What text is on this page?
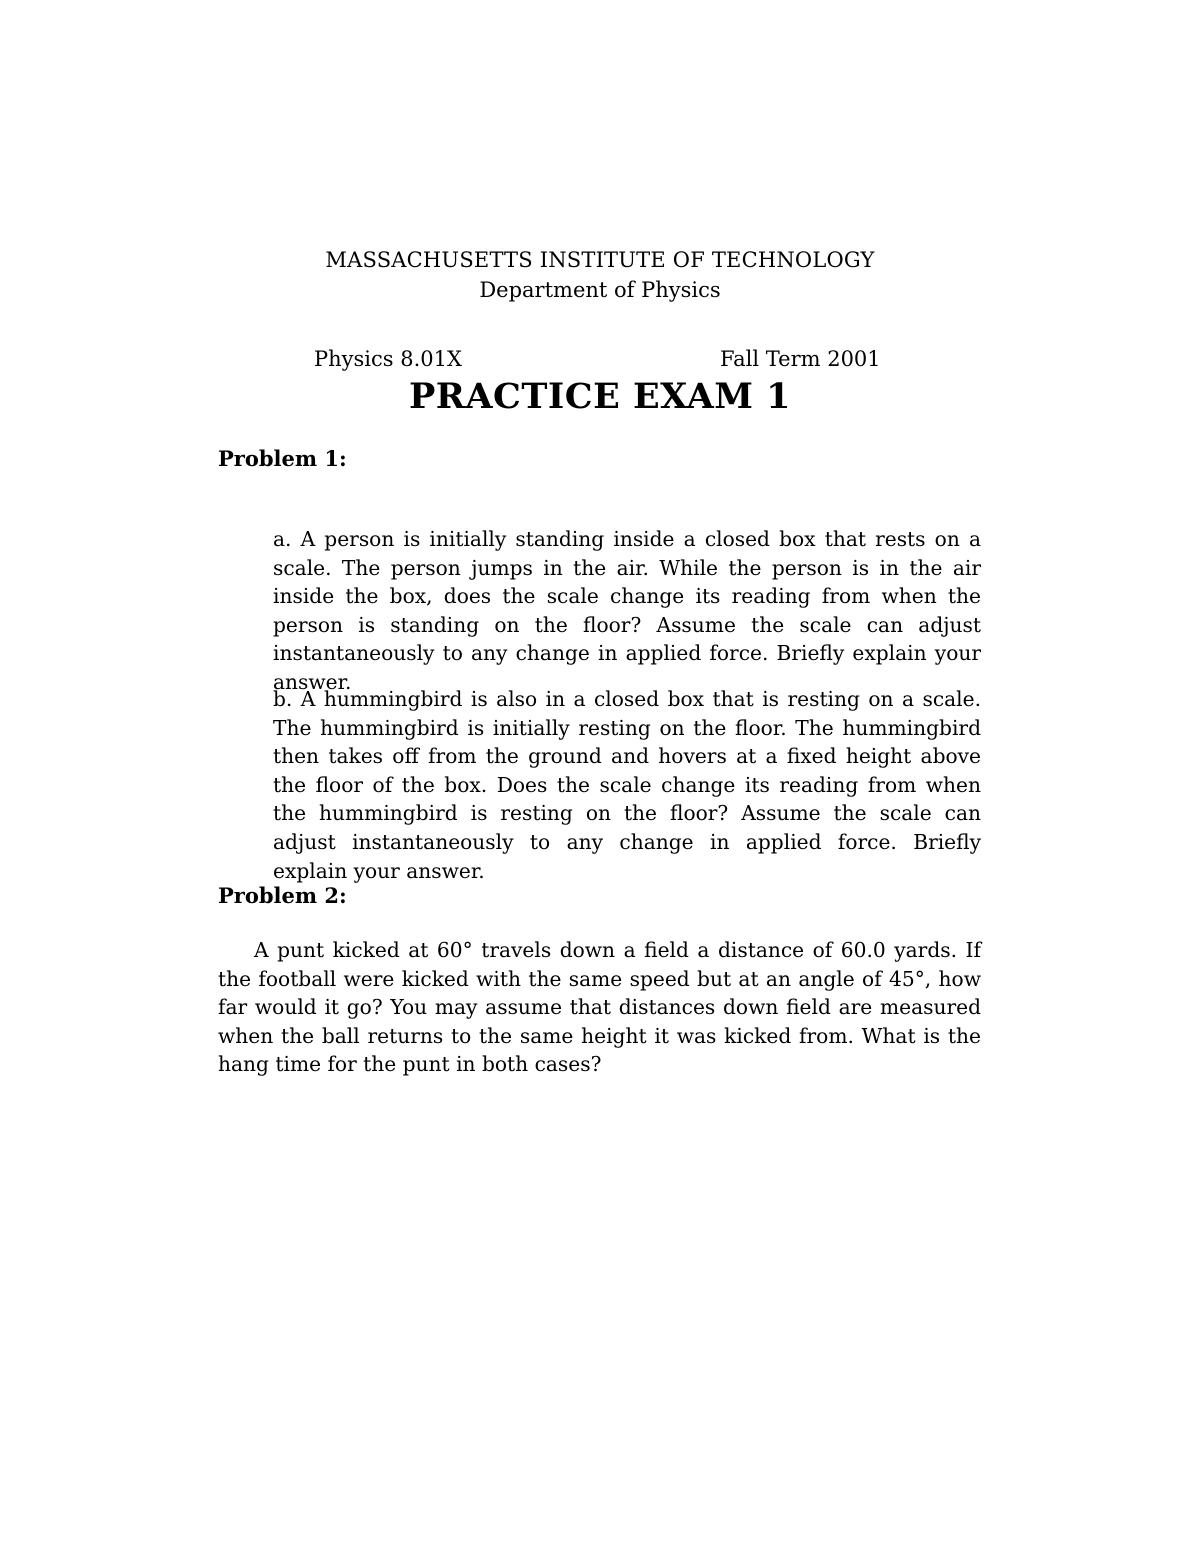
MASSACHUSETTS INSTITUTE OF TECHNOLOGY
Department of Physics
Physics 8.01X	Fall Term 2001
PRACTICE EXAM 1
Problem 1:

a. A person is initially standing inside a closed box that rests on a scale. The person jumps in the air. While the person is in the air inside the box, does the scale change its reading from when the person is standing on the floor? Assume the scale can adjust instantaneously to any change in applied force. Briefly explain your answer.

b. A hummingbird is also in a closed box that is resting on a scale. The hummingbird is initially resting on the floor. The hummingbird then takes off from the ground and hovers at a fixed height above the floor of the box. Does the scale change its reading from when the hummingbird is resting on the floor? Assume the scale can adjust instantaneously to any change in applied force. Briefly explain your answer.

Problem 2:

A punt kicked at 60° travels down a field a distance of 60.0 yards. If the football were kicked with the same speed but at an angle of 45°, how far would it go? You may assume that distances down field are measured when the ball returns to the same height it was kicked from. What is the hang time for the punt in both cases?
